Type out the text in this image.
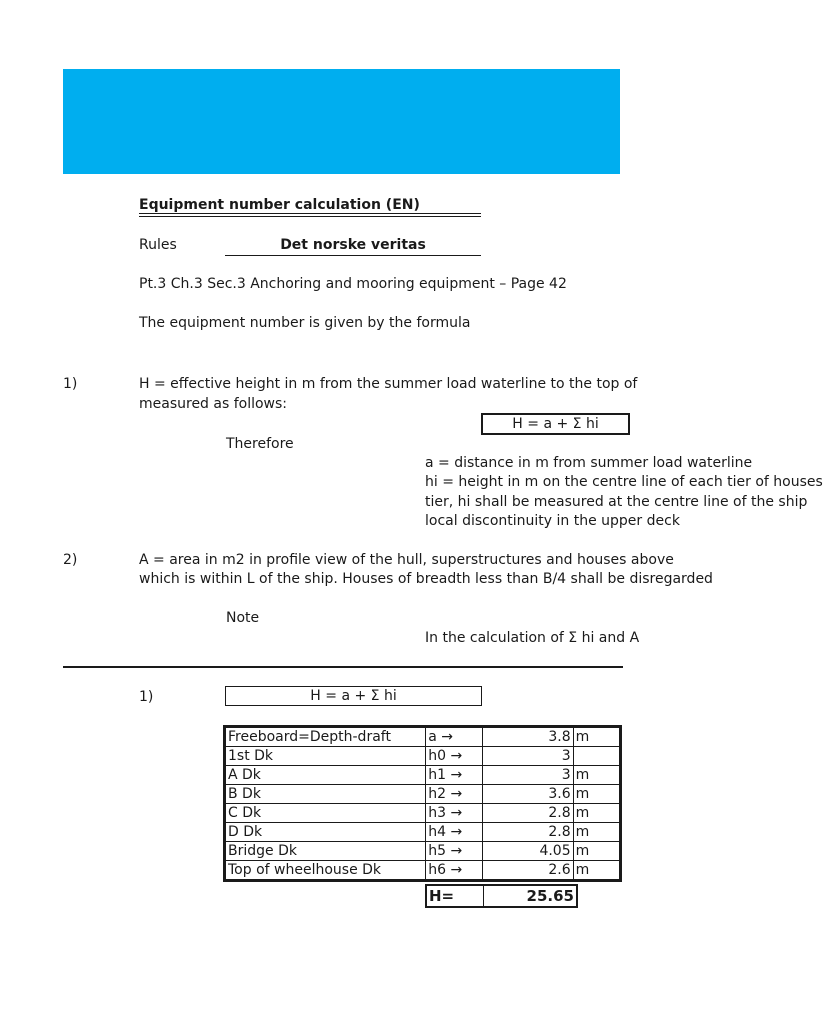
Equipment number calculation (EN)
Rules	Det norske veritas
Pt.3 Ch.3 Sec.3 Anchoring and mooring equipment – Page 42
The equipment number is given by the formula
1)	H = effective height in m from the summer load waterline to the top of
measured as follows:
H = a + Σ hi
Therefore
a = distance in m from summer load waterline
hi = height in m on the centre line of each tier of houses
tier, hi shall be measured at the centre line of the ship
local discontinuity in the upper deck
2)	A = area in m2 in profile view of the hull, superstructures and houses above
which is within L of the ship. Houses of breadth less than B/4 shall be disregarded
Note
In the calculation of Σ hi and A
1)	H = a + Σ hi
Freeboard=Depth-draft	a →	3.8	m
1st Dk	h0 →	3	
A Dk	h1 →	3	m
B Dk	h2 →	3.6	m
C Dk	h3 →	2.8	m
D Dk	h4 →	2.8	m
Bridge Dk	h5 →	4.05	m
Top of wheelhouse Dk	h6 →	2.6	m
H=	25.65
